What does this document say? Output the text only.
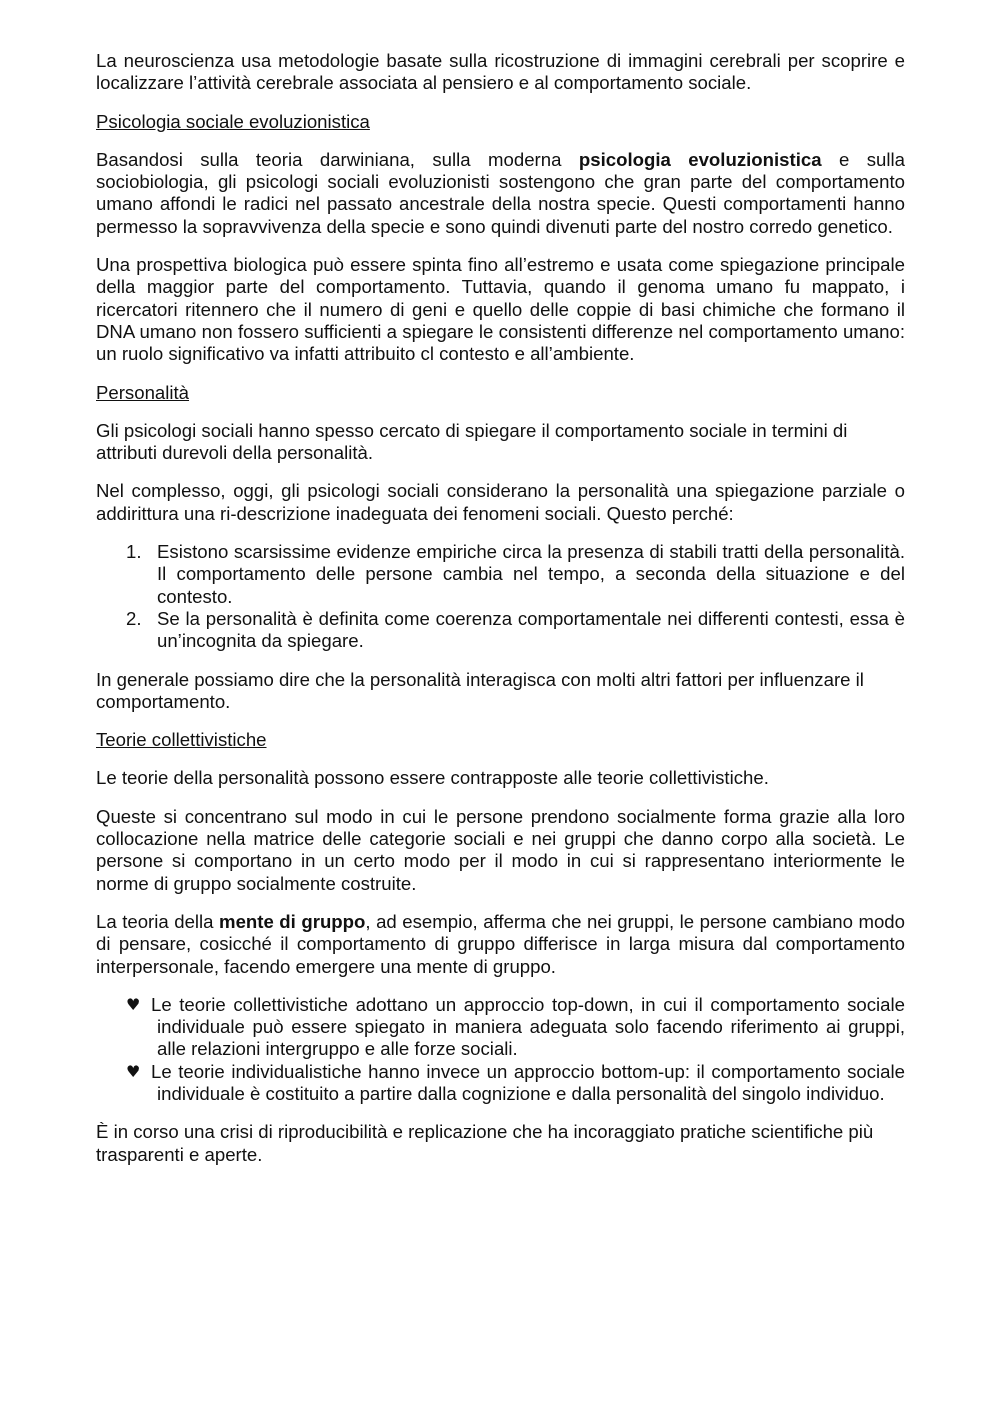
La neuroscienza usa metodologie basate sulla ricostruzione di immagini cerebrali per scoprire e localizzare l’attività cerebrale associata al pensiero e al comportamento sociale.

Psicologia sociale evoluzionistica

Basandosi sulla teoria darwiniana, sulla moderna psicologia evoluzionistica e sulla sociobiologia, gli psicologi sociali evoluzionisti sostengono che gran parte del comportamento umano affondi le radici nel passato ancestrale della nostra specie. Questi comportamenti hanno permesso la sopravvivenza della specie e sono quindi divenuti parte del nostro corredo genetico.

Una prospettiva biologica può essere spinta fino all’estremo e usata come spiegazione principale della maggior parte del comportamento. Tuttavia, quando il genoma umano fu mappato, i ricercatori ritennero che il numero di geni e quello delle coppie di basi chimiche che formano il DNA umano non fossero sufficienti a spiegare le consistenti differenze nel comportamento umano: un ruolo significativo va infatti attribuito cl contesto e all’ambiente.

Personalità

Gli psicologi sociali hanno spesso cercato di spiegare il comportamento sociale in termini di attributi durevoli della personalità.

Nel complesso, oggi, gli psicologi sociali considerano la personalità una spiegazione parziale o addirittura una ri-descrizione inadeguata dei fenomeni sociali. Questo perché:

1. Esistono scarsissime evidenze empiriche circa la presenza di stabili tratti della personalità. Il comportamento delle persone cambia nel tempo, a seconda della situazione e del contesto.
2. Se la personalità è definita come coerenza comportamentale nei differenti contesti, essa è un’incognita da spiegare.

In generale possiamo dire che la personalità interagisca con molti altri fattori per influenzare il comportamento.

Teorie collettivistiche

Le teorie della personalità possono essere contrapposte alle teorie collettivistiche.

Queste si concentrano sul modo in cui le persone prendono socialmente forma grazie alla loro collocazione nella matrice delle categorie sociali e nei gruppi che danno corpo alla società. Le persone si comportano in un certo modo per il modo in cui si rappresentano interiormente le norme di gruppo socialmente costruite.

La teoria della mente di gruppo, ad esempio, afferma che nei gruppi, le persone cambiano modo di pensare, cosicché il comportamento di gruppo differisce in larga misura dal comportamento interpersonale, facendo emergere una mente di gruppo.

♥ Le teorie collettivistiche adottano un approccio top-down, in cui il comportamento sociale individuale può essere spiegato in maniera adeguata solo facendo riferimento ai gruppi, alle relazioni intergruppo e alle forze sociali.
♥ Le teorie individualistiche hanno invece un approccio bottom-up: il comportamento sociale individuale è costituito a partire dalla cognizione e dalla personalità del singolo individuo.

È in corso una crisi di riproducibilità e replicazione che ha incoraggiato pratiche scientifiche più trasparenti e aperte.
